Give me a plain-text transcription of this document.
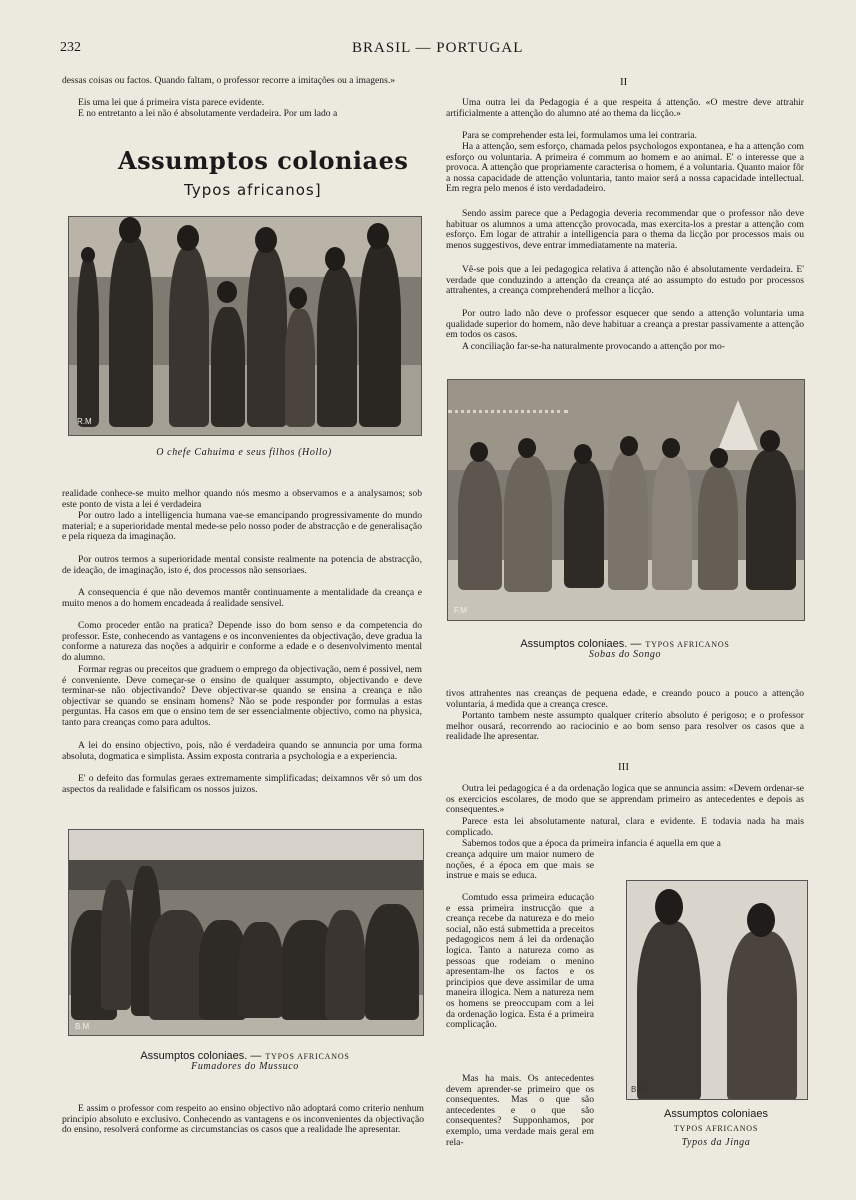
232	BRASIL — PORTUGAL

dessas coisas ou factos. Quando faltam, o professor recorre a imitações ou a imagens.»

Eis uma lei que á primeira vista parece evidente.

E no entretanto a lei não é absolutamente verdadeira. Por um lado a

Assumptos coloniaes
Typos africanos]
R.M
O chefe Cahuima e seus filhos (Hollo)

realidade conhece-se muito melhor quando nós mesmo a observamos e a analysamos; sob este ponto de vista a lei é verdadeira

Por outro lado a intelligencia humana vae-se emancipando progressivamente do mundo material; e a superioridade mental mede-se pelo nosso poder de abstracção e de generalisação e pela riqueza da imaginação.

Por outros termos a superioridade mental consiste realmente na potencia de abstracção, de ideação, de imaginação, isto é, dos processos não sensoriaes.

A consequencia é que não devemos mantêr continuamente a mentalidade da creança e muito menos a do homem encadeada á realidade sensivel.

Como proceder então na pratica? Depende isso do bom senso e da competencia do professor. Este, conhecendo as vantagens e os inconvenientes da objectivação, deve gradua la conforme a natureza das noções a adquirir e conforme a edade e o desenvolvimento mental do alumno.

Formar regras ou preceitos que graduem o emprego da objectivação, nem é possivel, nem é conveniente. Deve começar-se o ensino de qualquer assumpto, objectivando e deve terminar-se não objectivando? Deve objectivar-se quando se ensina a creança e não objectivar se quando se ensinam homens? Não se pode responder por formulas a estas perguntas. Ha casos em que o ensino tem de ser essencialmente objectivo, como na physica, tanto para creanças como para adultos.

A lei do ensino objectivo, pois, não é verdadeira quando se annuncia por uma forma absoluta, dogmatica e simplista. Assim exposta contraria a psychologia e a experiencia.

E' o defeito das formulas geraes extremamente simplificadas; deixamnos vêr só um dos aspectos da realidade e falsificam os nossos juizos.

B.M
Assumptos coloniaes. — TYPOS AFRICANOS
Fumadores do Mussuco

E assim o professor com respeito ao ensino objectivo não adoptará como criterio nenhum principio absoluto e exclusivo. Conhecendo as vantagens e os inconvenientes da objectivação do ensino, resolverá conforme as circumstancias os casos que a realidade lhe apresentar.

II

Uma outra lei da Pedagogia é a que respeita á attenção. «O mestre deve attrahir artificialmente a attenção do alumno até ao thema da licção.»

Para se comprehender esta lei, formulamos uma lei contraria.

Ha a attenção, sem esforço, chamada pelos psychologos expontanea, e ha a attenção com esforço ou voluntaria. A primeira é commum ao homem e ao animal. E' o interesse que a provoca. A attenção que propriamente caracterisa o homem, é a voluntaria. Quanto maior fôr a nossa capacidade de attenção voluntaria, tanto maior será a nossa capacidade intellectual. Em regra pelo menos é isto verdadadeiro.

Sendo assim parece que a Pedagogia deveria recommendar que o professor não deve habituar os alumnos a uma attencção provocada, mas exercita-los a prestar a attenção com esforço. Em logar de attrahir a intelligencia para o thema da licção por processos mais ou menos suggestivos, deve entrar immediatamente na materia.

Vê-se pois que a lei pedagogica relativa á attenção não é absolutamente verdadeira. E' verdade que conduzindo a attenção da creança até ao assumpto do estudo por processos attrahentes, a creança comprehenderá melhor a licção.

Por outro lado não deve o professor esquecer que sendo a attenção voluntaria uma qualidade superior do homem, não deve habituar a creança a prestar passivamente a attenção em todos os casos.

A conciliação far-se-ha naturalmente provocando a attenção por mo-

F.M
Assumptos coloniaes. — TYPOS AFRICANOS
Sobas do Songo

tivos attrahentes nas creanças de pequena edade, e creando pouco a pouco a attenção voluntaria, á medida que a creança cresce.

Portanto tambem neste assumpto qualquer criterio absoluto é perigoso; e o professor melhor ousará, recorrendo ao raciocinio e ao bom senso para resolver os casos que a realidade lhe apresentar.

III

Outra lei pedagogica é a da ordenação logica que se annuncia assim: «Devem ordenar-se os exercicios escolares, de modo que se apprendam primeiro as antecedentes e depois as consequentes.»

Parece esta lei absolutamente natural, clara e evidente. E todavia nada ha mais complicado.

Sabemos todos que a época da primeira infancia é aquella em que a

creança adquire um maior numero de noções, é a época em que mais se instrue e mais se educa.

Comtudo essa primeira educação e essa primeira instrucção que a creança recebe da natureza e do meio social, não está submettida a preceitos pedagogicos nem á lei da ordenação logica. Tanto a natureza como as pessoas que rodeiam o menino apresentam-lhe os factos e os principios que deve assimilar de uma maneira illogica. Nem a natureza nem os homens se preoccupam com a lei da ordenação logica. Esta é a primeira complicação.

Mas ha mais. Os antecedentes devem aprender-se primeiro que os consequentes. Mas o que são antecedentes e o que são consequentes? Supponhamos, por exemplo, uma verdade mais geral em rela-

B.M
Assumptos coloniaes
TYPOS AFRICANOS
Typos da Jinga
